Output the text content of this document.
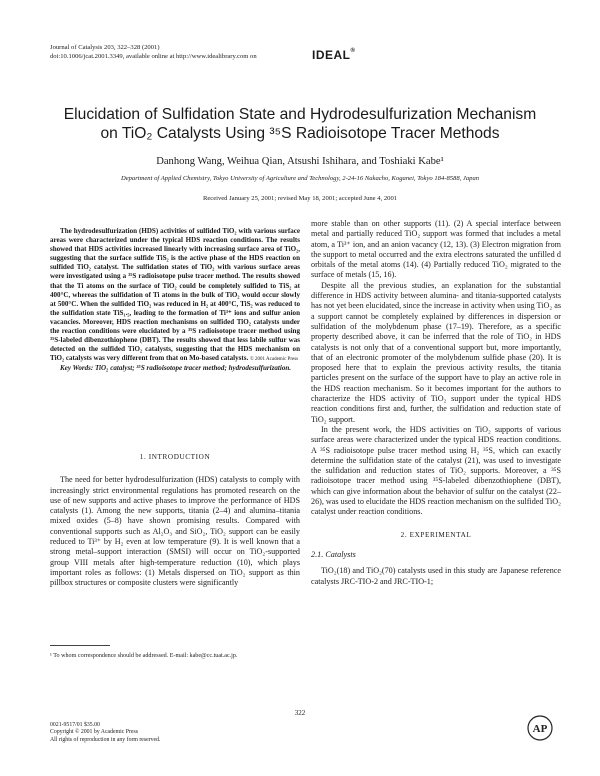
Journal of Catalysis 203, 322–328 (2001)
doi:10.1006/jcat.2001.3349, available online at http://www.idealibrary.com on	IDEAL®
Elucidation of Sulfidation State and Hydrodesulfurization Mechanism
on TiO₂ Catalysts Using ³⁵S Radioisotope Tracer Methods
Danhong Wang, Weihua Qian, Atsushi Ishihara, and Toshiaki Kabe¹
Department of Applied Chemistry, Tokyo University of Agriculture and Technology, 2-24-16 Nakacho, Koganei, Tokyo 184-8588, Japan
Received January 25, 2001; revised May 18, 2001; accepted June 4, 2001

The hydrodesulfurization (HDS) activities of sulfided TiO₂ with various surface areas were characterized under the typical HDS reaction conditions. The results showed that HDS activities increased linearly with increasing surface area of TiO₂, suggesting that the surface sulfide TiS₂ is the active phase of the HDS reaction on sulfided TiO₂ catalyst. The sulfidation states of TiO₂ with various surface areas were investigated using a ³⁵S radioisotope pulse tracer method. The results showed that the Ti atoms on the surface of TiO₂ could be completely sulfided to TiS₂ at 400°C, whereas the sulfidation of Ti atoms in the bulk of TiO₂ would occur slowly at 500°C. When the sulfided TiO₂ was reduced in H₂ at 400°C, TiS₂ was reduced to the sulfidation state TiS₁.₅, leading to the formation of Ti³⁺ ions and sulfur anion vacancies. Moreover, HDS reaction mechanisms on sulfided TiO₂ catalysts under the reaction conditions were elucidated by a ³⁵S radioisotope tracer method using ³⁵S-labeled dibenzothiophene (DBT). The results showed that less labile sulfur was detected on the sulfided TiO₂ catalysts, suggesting that the HDS mechanism on TiO₂ catalysts was very different from that on Mo-based catalysts. © 2001 Academic Press

Key Words: TiO₂ catalyst; ³⁵S radioisotope tracer method; hydrodesulfurization.

1. INTRODUCTION

The need for better hydrodesulfurization (HDS) catalysts to comply with increasingly strict environmental regulations has promoted research on the use of new supports and active phases to improve the performance of HDS catalysts (1). Among the new supports, titania (2–4) and alumina–titania mixed oxides (5–8) have shown promising results. Compared with conventional supports such as Al₂O₃ and SiO₂, TiO₂ support can be easily reduced to Ti³⁺ by H₂ even at low temperature (9). It is well known that a strong metal–support interaction (SMSI) will occur on TiO₂-supported group VIII metals after high-temperature reduction (10), which plays important roles as follows: (1) Metals dispersed on TiO₂ support as thin pillbox structures or composite clusters were significantly

¹ To whom correspondence should be addressed. E-mail: kabe@cc.tuat.ac.jp.

more stable than on other supports (11). (2) A special interface between metal and partially reduced TiO₂ support was formed that includes a metal atom, a Ti³⁺ ion, and an anion vacancy (12, 13). (3) Electron migration from the support to metal occurred and the extra electrons saturated the unfilled d orbitals of the metal atoms (14). (4) Partially reduced TiO₂ migrated to the surface of metals (15, 16).

Despite all the previous studies, an explanation for the substantial difference in HDS activity between alumina- and titania-supported catalysts has not yet been elucidated, since the increase in activity when using TiO₂ as a support cannot be completely explained by differences in dispersion or sulfidation of the molybdenum phase (17–19). Therefore, as a specific property described above, it can be inferred that the role of TiO₂ in HDS catalysts is not only that of a conventional support but, more importantly, that of an electronic promoter of the molybdenum sulfide phase (20). It is proposed here that to explain the previous activity results, the titania particles present on the surface of the support have to play an active role in the HDS reaction mechanism. So it becomes important for the authors to characterize the HDS activity of TiO₂ support under the typical HDS reaction conditions first and, further, the sulfidation and reduction state of TiO₂ support.

In the present work, the HDS activities on TiO₂ supports of various surface areas were characterized under the typical HDS reaction conditions. A ³⁵S radioisotope pulse tracer method using H₂ ³⁵S, which can exactly determine the sulfidation state of the catalyst (21), was used to investigate the sulfidation and reduction states of TiO₂ supports. Moreover, a ³⁵S radioisotope tracer method using ³⁵S-labeled dibenzothiophene (DBT), which can give information about the behavior of sulfur on the catalyst (22–26), was used to elucidate the HDS reaction mechanism on the sulfided TiO₂ catalyst under reaction conditions.

2. EXPERIMENTAL

2.1. Catalysts

TiO₂(18) and TiO₂(70) catalysts used in this study are Japanese reference catalysts JRC-TIO-2 and JRC-TIO-1;

322
0021-9517/01 $35.00
Copyright © 2001 by Academic Press
All rights of reproduction in any form reserved.
AP
